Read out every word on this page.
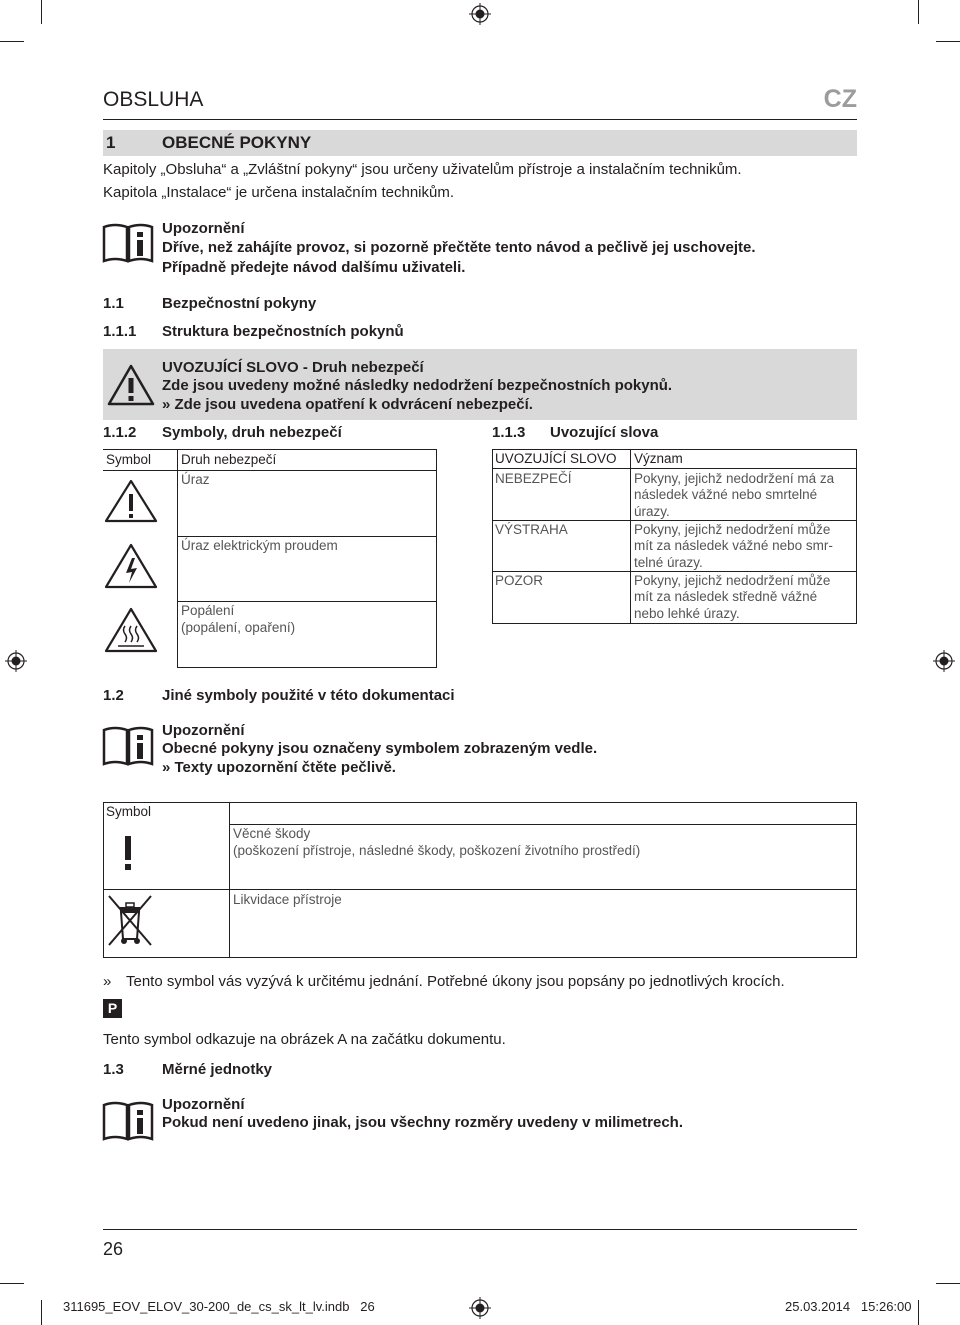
OBSLUHA	CZ
1	OBECNÉ POKYNY
Kapitoly „Obsluha“ a „Zvláštní pokyny“ jsou určeny uživatelům přístroje a instalačním technikům.
Kapitola „Instalace“ je určena instalačním technikům.
Upozornění
Dříve, než zahájíte provoz, si pozorně přečtěte tento návod a pečlivě jej uschovejte.
Případně předejte návod dalšímu uživateli.
1.1	Bezpečnostní pokyny
1.1.1 Struktura bezpečnostních pokynů
UVOZUJÍCÍ SLOVO - Druh nebezpečí
Zde jsou uvedeny možné následky nedodržení bezpečnostních pokynů.
» Zde jsou uvedena opatření k odvrácení nebezpečí.
1.1.2 Symboly, druh nebezpečí	1.1.3 Uvozující slova
Symbol Druh nebezpečí
Úraz
Úraz elektrickým proudem
Popálení
(popálení, opaření)
UVOZUJÍCÍ SLOVO Význam
NEBEZPEČÍ	Pokyny, jejichž nedodržení má za
následek vážné nebo smrtelné
úrazy.
VÝSTRAHA	Pokyny, jejichž nedodržení může
mít za následek vážné nebo smr-
telné úrazy.
POZOR	Pokyny, jejichž nedodržení může
mít za následek středně vážné
nebo lehké úrazy.
1.2	Jiné symboly použité v této dokumentaci
Upozornění
Obecné pokyny jsou označeny symbolem zobrazeným vedle.
» Texty upozornění čtěte pečlivě.
Symbol
Věcné škody
(poškození přístroje, následné škody, poškození životního prostředí)
Likvidace přístroje
» Tento symbol vás vyzývá k určitému jednání. Potřebné úkony jsou popsány po jednotlivých krocích.
P
Tento symbol odkazuje na obrázek A na začátku dokumentu.
1.3	Měrné jednotky
Upozornění
Pokud není uvedeno jinak, jsou všechny rozměry uvedeny v milimetrech.
26
311695_EOV_ELOV_30-200_de_cs_sk_lt_lv.indb   26	25.03.2014   15:26:00
